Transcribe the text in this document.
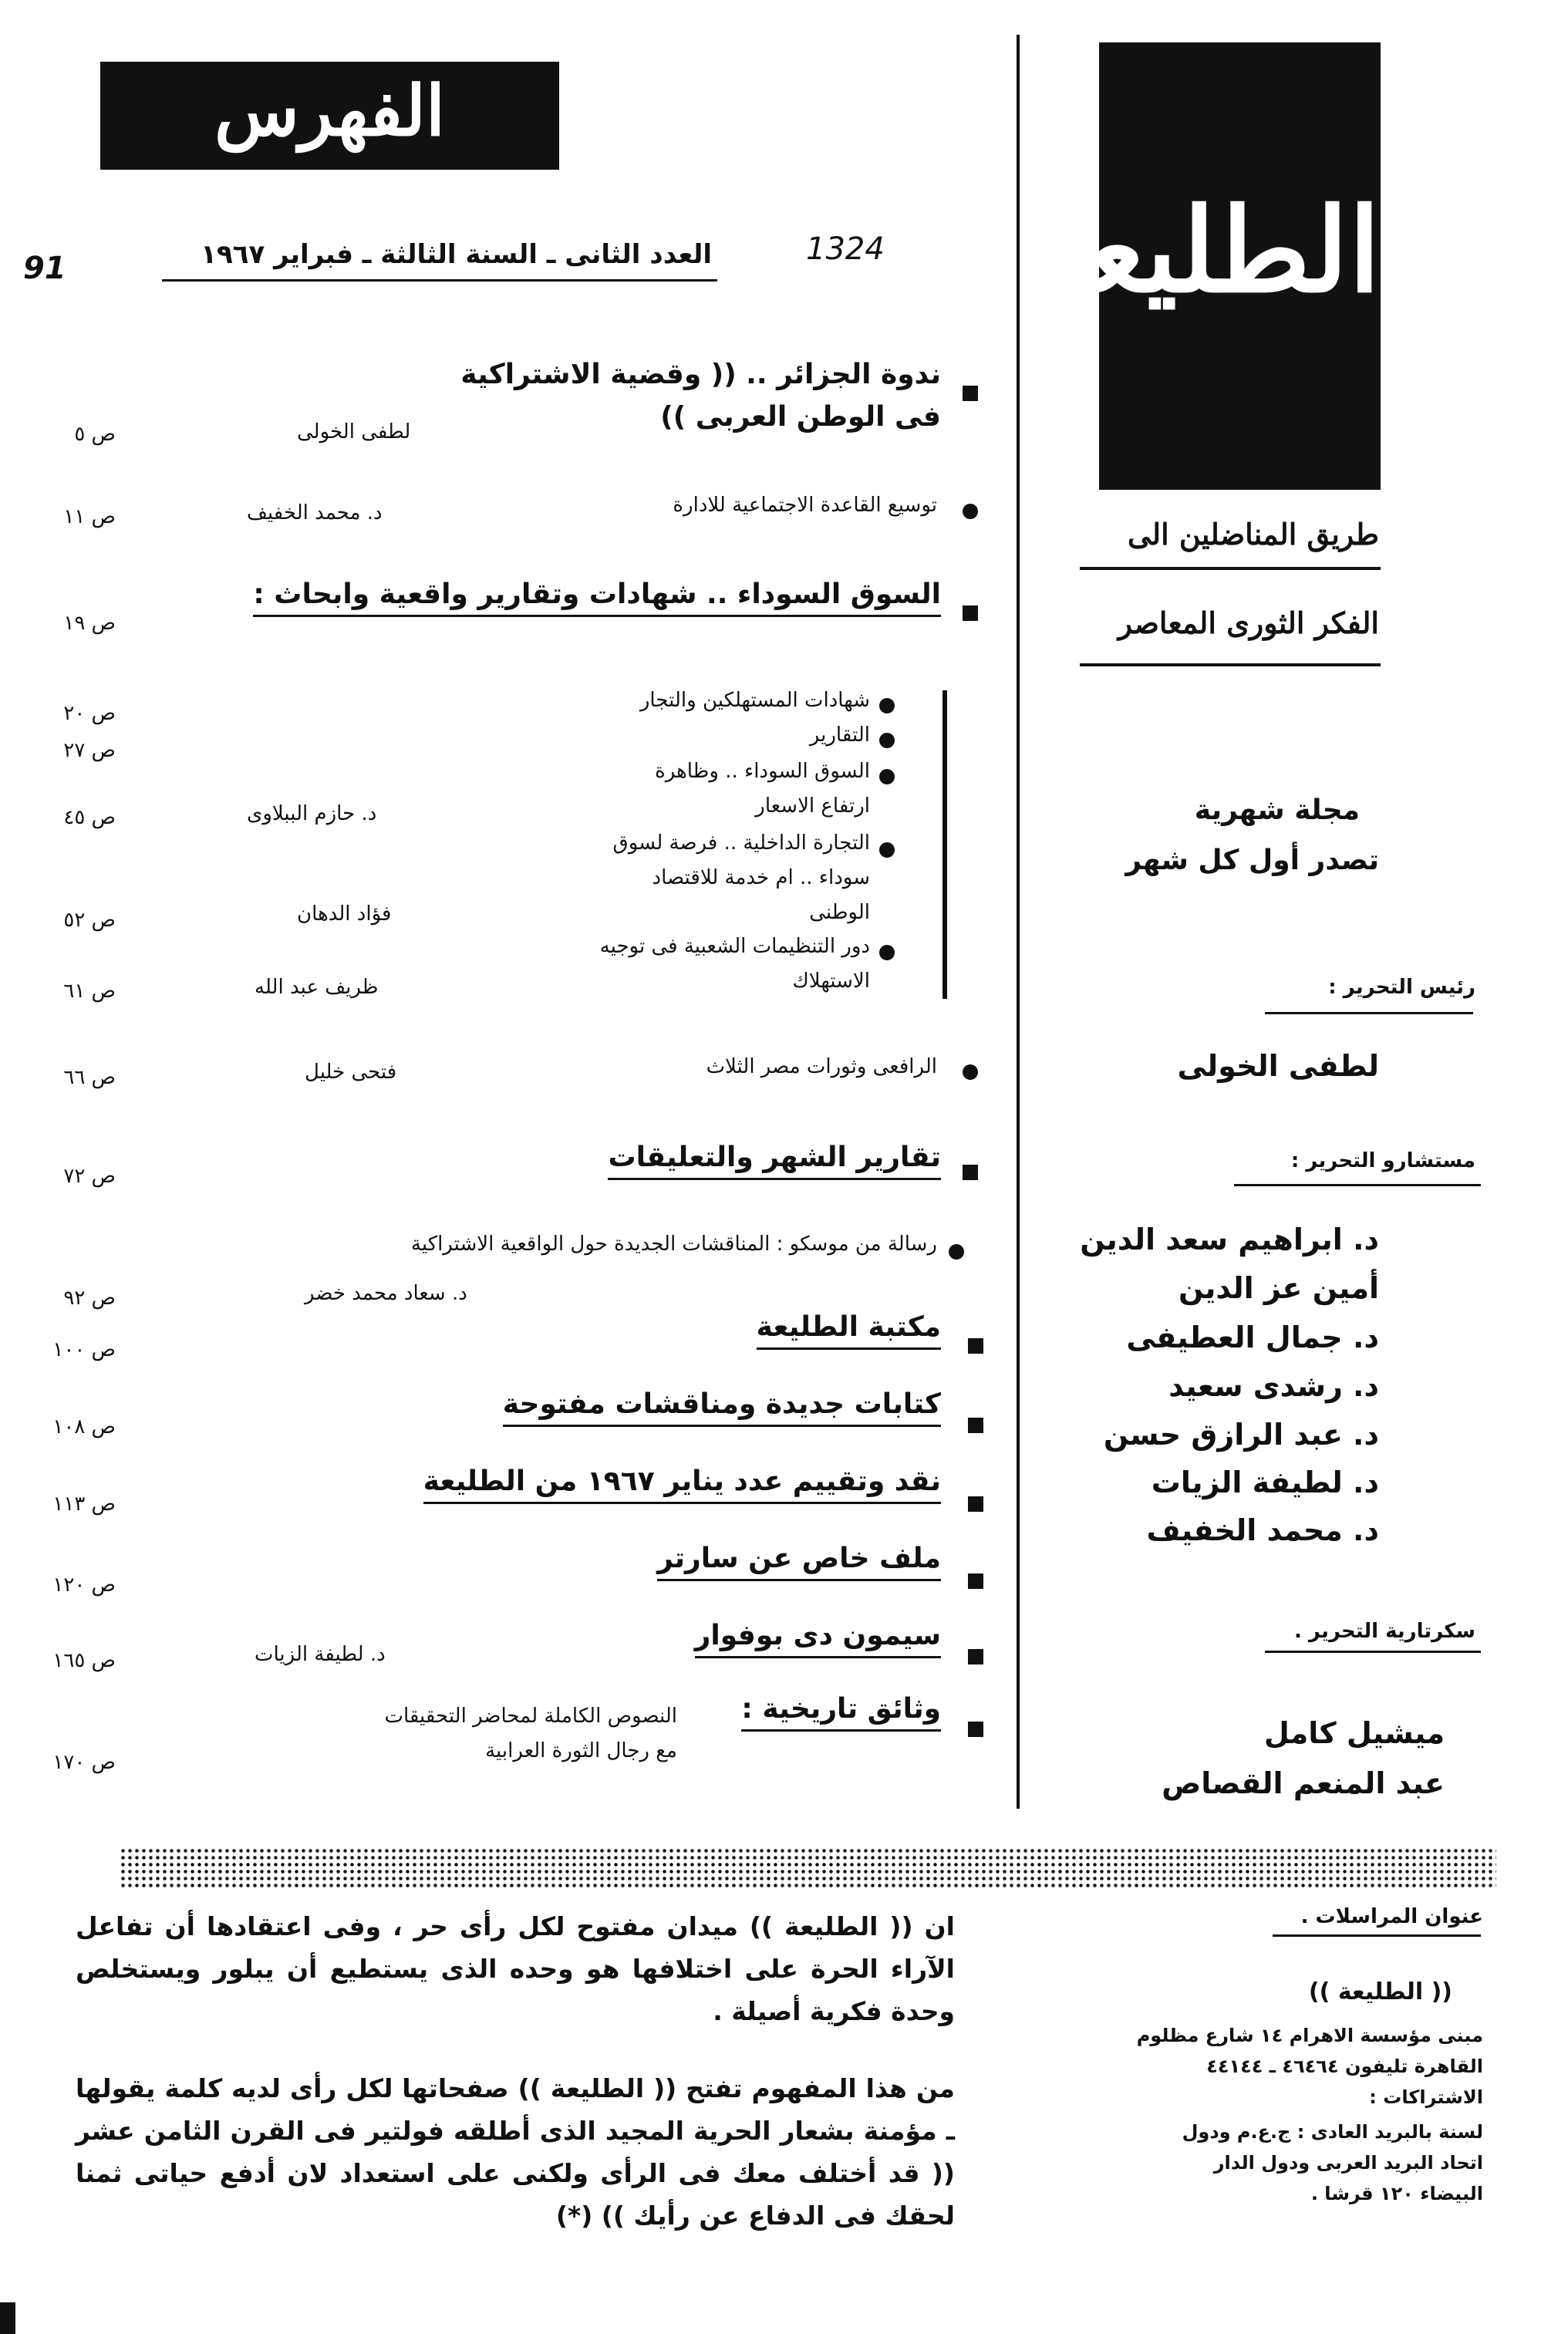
الطليعة
طريق المناضلين الى
الفكر الثورى المعاصر
مجلة شهرية
تصدر أول كل شهر
رئيس التحرير :
لطفى الخولى
مستشارو التحرير :
د. ابراهيم سعد الدين
أمين عز الدين
د. جمال العطيفى
د. رشدى سعيد
د. عبد الرازق حسن
د. لطيفة الزيات
د. محمد الخفيف
سكرتارية التحرير .
ميشيل كامل
عبد المنعم القصاص
الفهرس
العدد الثانى ـ السنة الثالثة ـ فبراير ١٩٦٧	1324
91
ندوة الجزائر .. (( وقضية الاشتراكية
فى الوطن العربى ))
لطفى الخولى
ص ٥
توسيع القاعدة الاجتماعية للادارة
د. محمد الخفيف
ص ١١
السوق السوداء .. شهادات وتقارير واقعية وابحاث :
ص ١٩
شهادات المستهلكين والتجار
ص ٢٠
التقارير
ص ٢٧
السوق السوداء .. وظاهرة
ارتفاع الاسعار
د. حازم الببلاوى
ص ٤٥
التجارة الداخلية .. فرصة لسوق
سوداء .. ام خدمة للاقتصاد
الوطنى
فؤاد الدهان
ص ٥٢
دور التنظيمات الشعبية فى توجيه
الاستهلاك
ظريف عبد الله
ص ٦١
الرافعى وثورات مصر الثلاث
فتحى خليل
ص ٦٦
تقارير الشهر والتعليقات
ص ٧٢
رسالة من موسكو : المناقشات الجديدة حول الواقعية الاشتراكية
د. سعاد محمد خضر
ص ٩٢
مكتبة الطليعة
ص ١٠٠
كتابات جديدة ومناقشات مفتوحة
ص ١٠٨
نقد وتقييم عدد يناير ١٩٦٧ من الطليعة
ص ١١٣
ملف خاص عن سارتر
ص ١٢٠
سيمون دى بوفوار
د. لطيفة الزيات
ص ١٦٥
وثائق تاريخية :
النصوص الكاملة لمحاضر التحقيقات
مع رجال الثورة العرابية
ص ١٧٠
ان (( الطليعة )) ميدان مفتوح لكل رأى حر ، وفى اعتقادها أن تفاعل الآراء الحرة على اختلافها هو وحده الذى يستطيع أن يبلور ويستخلص وحدة فكرية أصيلة .
من هذا المفهوم تفتح (( الطليعة )) صفحاتها لكل رأى لديه كلمة يقولها ـ مؤمنة بشعار الحرية المجيد الذى أطلقه فولتير فى القرن الثامن عشر (( قد أختلف معك فى الرأى ولكنى على استعداد لان أدفع حياتى ثمنا لحقك فى الدفاع عن رأيك )) (*)
عنوان المراسلات .
(( الطليعة ))
مبنى مؤسسة الاهرام ١٤ شارع مظلوم
القاهرة تليفون ٤٦٤٦٤ ـ ٤٤١٤٤
الاشتراكات :
لسنة بالبريد العادى : ج.ع.م ودول
اتحاد البريد العربى ودول الدار
البيضاء ١٢٠ قرشا .
